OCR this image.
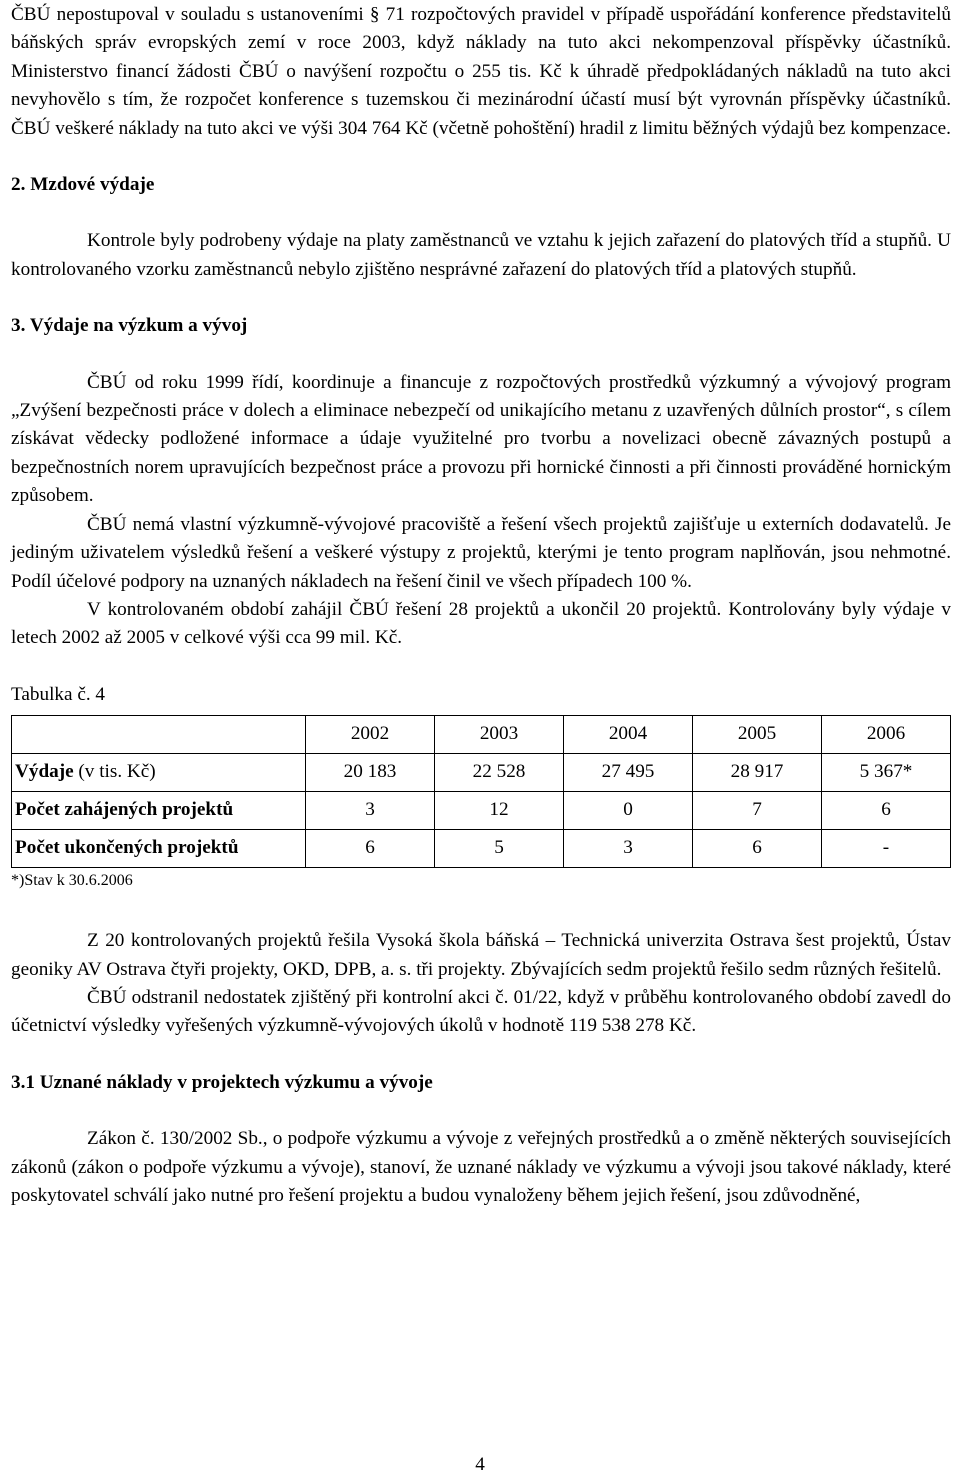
ČBÚ nepostupoval v souladu s ustanoveními § 71 rozpočtových pravidel v případě uspořádání konference představitelů báňských správ evropských zemí v roce 2003, když náklady na tuto akci nekompenzoval příspěvky účastníků. Ministerstvo financí žádosti ČBÚ o navýšení rozpočtu o 255 tis. Kč k úhradě předpokládaných nákladů na tuto akci nevyhovělo s tím, že rozpočet konference s tuzemskou či mezinárodní účastí musí být vyrovnán příspěvky účastníků. ČBÚ veškeré náklady na tuto akci ve výši 304 764 Kč (včetně pohoštění) hradil z limitu běžných výdajů bez kompenzace.

2. Mzdové výdaje

Kontrole byly podrobeny výdaje na platy zaměstnanců ve vztahu k jejich zařazení do platových tříd a stupňů. U kontrolovaného vzorku zaměstnanců nebylo zjištěno nesprávné zařazení do platových tříd a platových stupňů.

3. Výdaje na výzkum a vývoj

ČBÚ od roku 1999 řídí, koordinuje a financuje z rozpočtových prostředků výzkumný a vývojový program „Zvýšení bezpečnosti práce v dolech a eliminace nebezpečí od unikajícího metanu z uzavřených důlních prostor“, s cílem získávat vědecky podložené informace a údaje využitelné pro tvorbu a novelizaci obecně závazných postupů a bezpečnostních norem upravujících bezpečnost práce a provozu při hornické činnosti a při činnosti prováděné hornickým způsobem.

ČBÚ nemá vlastní výzkumně-vývojové pracoviště a řešení všech projektů zajišťuje u externích dodavatelů. Je jediným uživatelem výsledků řešení a veškeré výstupy z projektů, kterými je tento program naplňován, jsou nehmotné. Podíl účelové podpory na uznaných nákladech na řešení činil ve všech případech 100 %.

V kontrolovaném období zahájil ČBÚ řešení 28 projektů a ukončil 20 projektů. Kontrolovány byly výdaje v letech 2002 až 2005 v celkové výši cca 99 mil. Kč.

Tabulka č. 4

	2002	2003	2004	2005	2006
Výdaje (v tis. Kč)	20 183	22 528	27 495	28 917	5 367*
Počet zahájených projektů	3	12	0	7	6
Počet ukončených projektů	6	5	3	6	-

*)Stav k 30.6.2006

Z 20 kontrolovaných projektů řešila Vysoká škola báňská – Technická univerzita Ostrava šest projektů, Ústav geoniky AV Ostrava čtyři projekty, OKD, DPB, a. s. tři projekty. Zbývajících sedm projektů řešilo sedm různých řešitelů.

ČBÚ odstranil nedostatek zjištěný při kontrolní akci č. 01/22, když v průběhu kontrolovaného období zavedl do účetnictví výsledky vyřešených výzkumně-vývojových úkolů v hodnotě 119 538 278 Kč.

3.1 Uznané náklady v projektech výzkumu a vývoje

Zákon č. 130/2002 Sb., o podpoře výzkumu a vývoje z veřejných prostředků a o změně některých souvisejících zákonů (zákon o podpoře výzkumu a vývoje), stanoví, že uznané náklady ve výzkumu a vývoji jsou takové náklady, které poskytovatel schválí jako nutné pro řešení projektu a budou vynaloženy během jejich řešení, jsou zdůvodněné,

4
